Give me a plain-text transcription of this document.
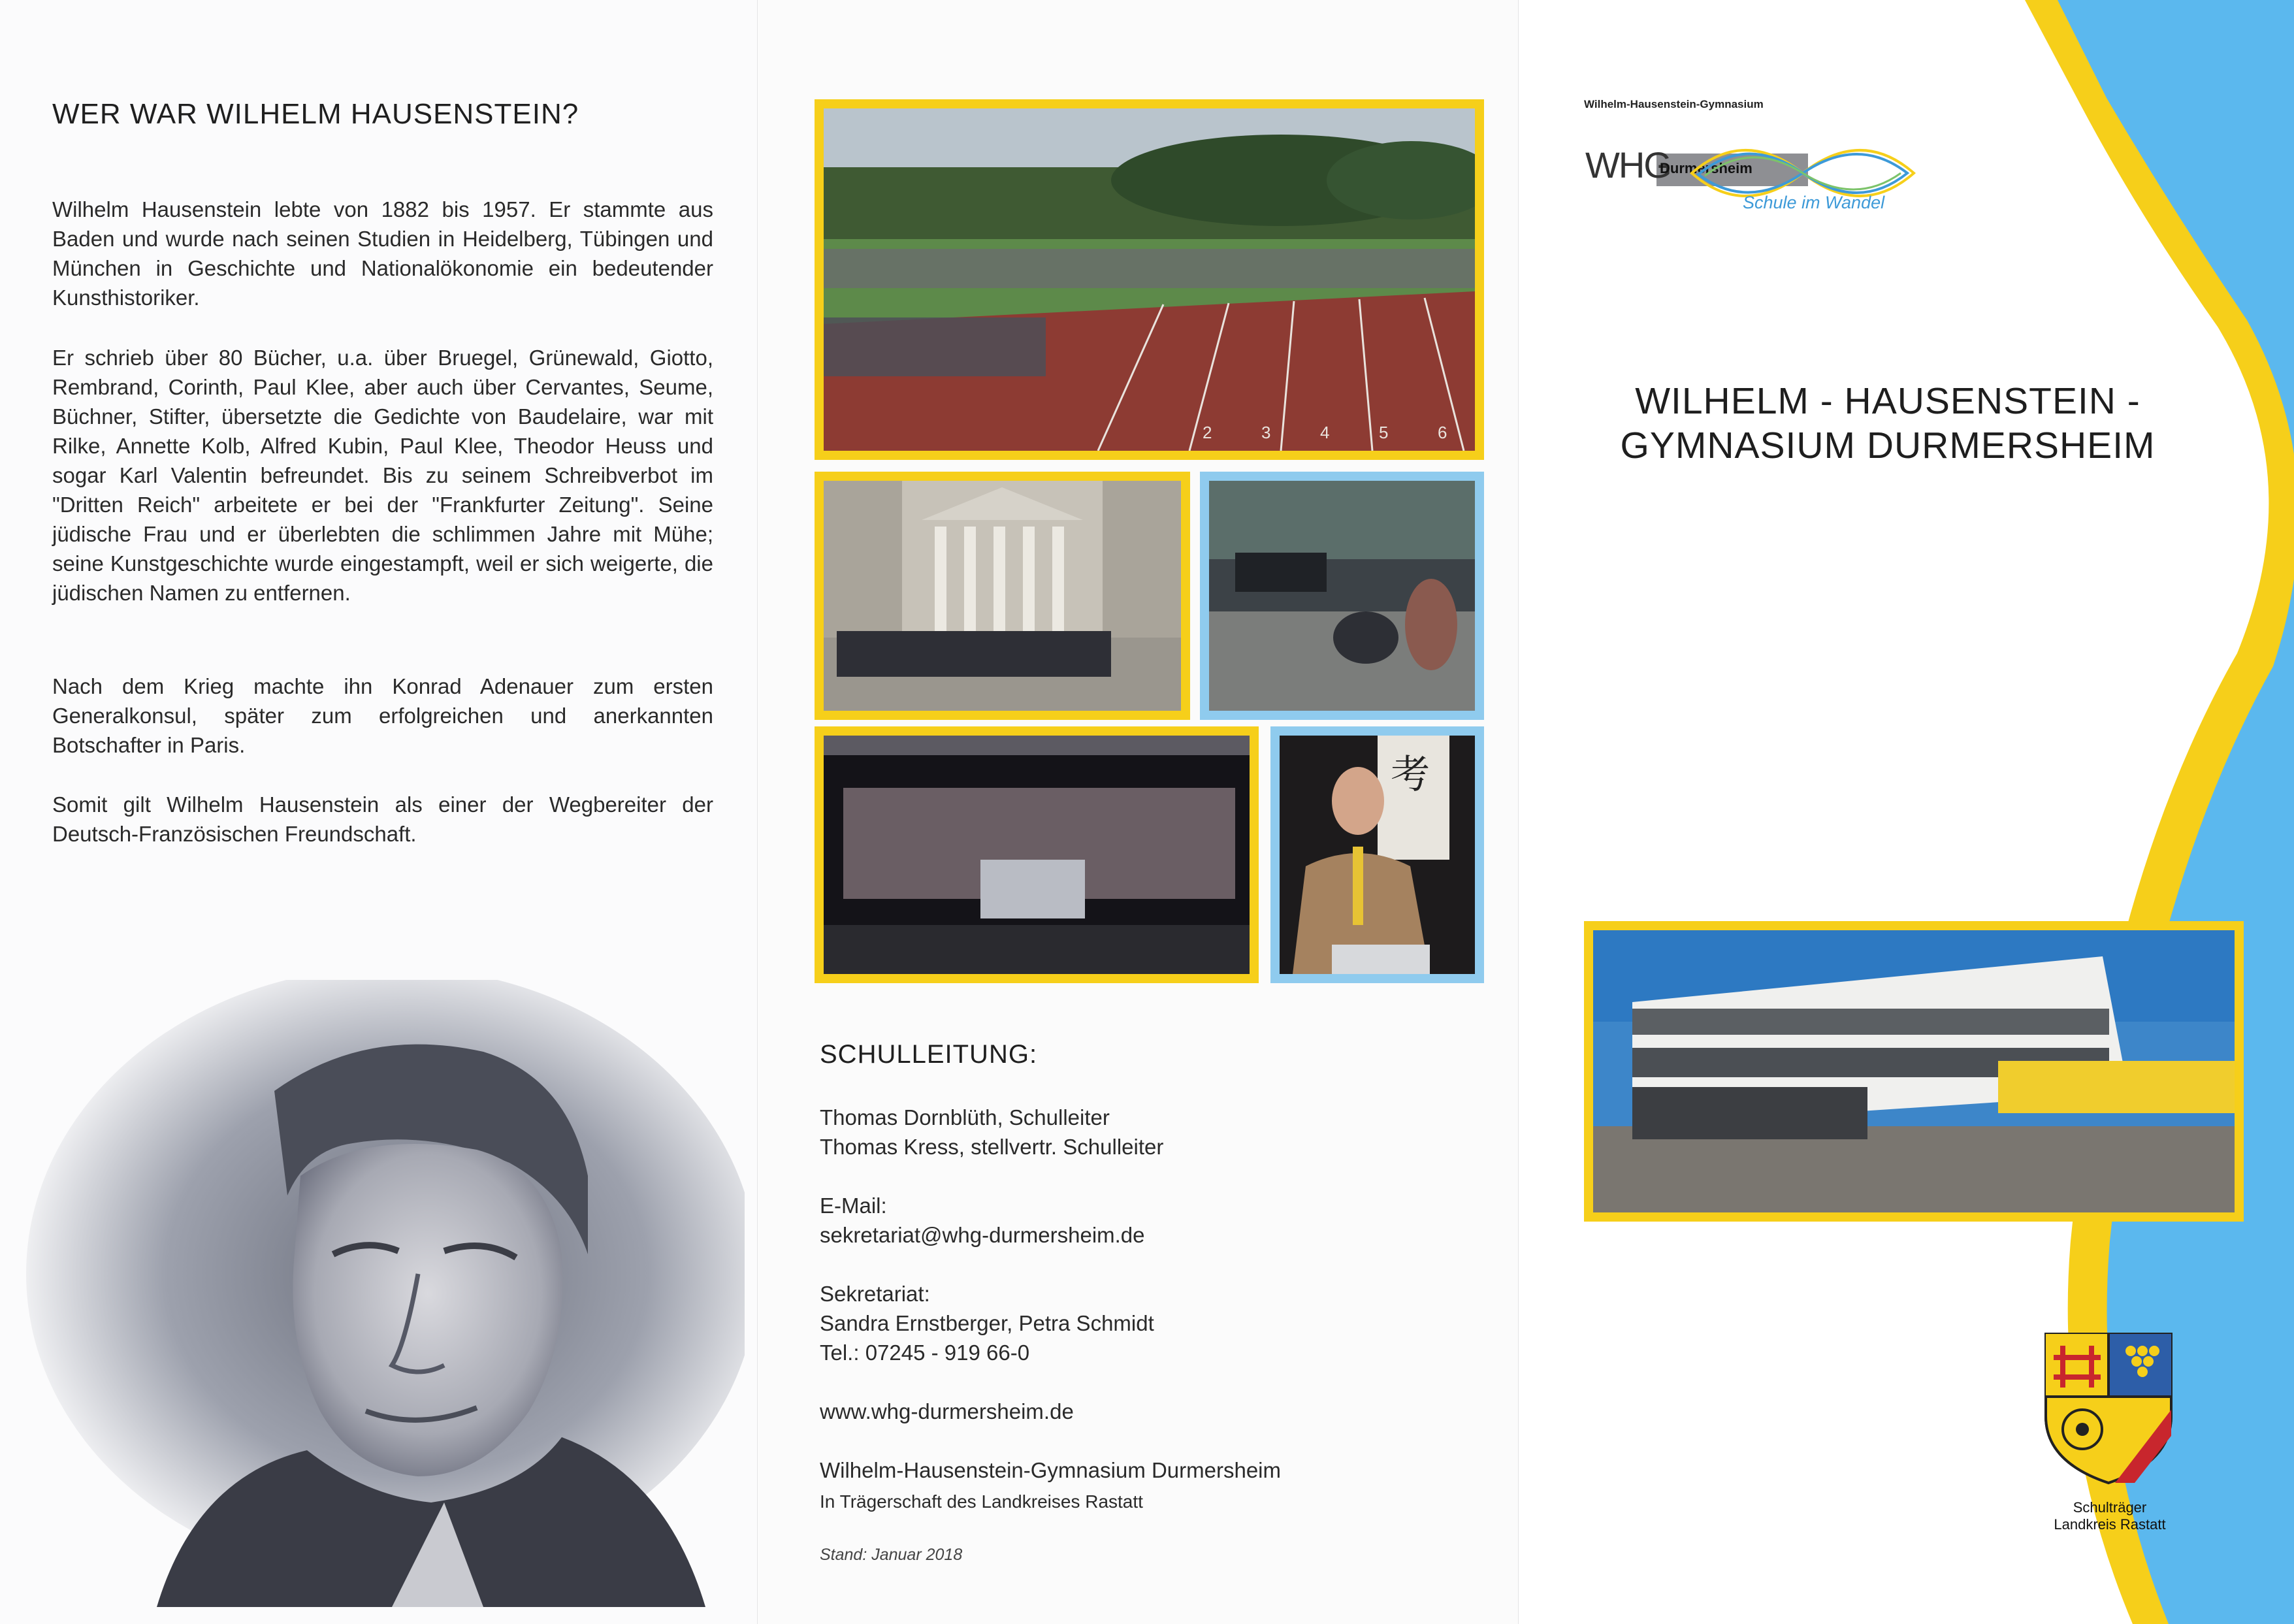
WER WAR WILHELM HAUSENSTEIN?

Wilhelm Hausenstein lebte von 1882 bis 1957. Er stammte aus Baden und wurde nach seinen Studien in Heidelberg, Tübingen und München in Geschichte und Nationalökonomie ein bedeutender Kunsthistoriker.

Er schrieb über 80 Bücher, u.a. über Bruegel, Grünewald, Giotto, Rembrand, Corinth, Paul Klee, aber auch über Cervantes, Seume, Büchner, Stifter, übersetzte die Gedichte von Baudelaire, war mit Rilke, Annette Kolb, Alfred Kubin, Paul Klee, Theodor Heuss und sogar Karl Valentin befreundet. Bis zu seinem Schreibverbot im "Dritten Reich" arbeitete er bei der "Frankfurter Zeitung". Seine jüdische Frau und er überlebten die schlimmen Jahre mit Mühe; seine Kunstgeschichte wurde eingestampft, weil er sich weigerte, die jüdischen Namen zu entfernen.

Nach dem Krieg machte ihn Konrad Adenauer zum ersten Generalkonsul, später zum erfolgreichen und anerkannten Botschafter in Paris.

Somit gilt Wilhelm Hausenstein als einer der Wegbereiter der Deutsch-Französischen Freundschaft.

2	3	4	5	6
考
SCHULLEITUNG:
Thomas Dornblüth, Schulleiter
Thomas Kress, stellvertr. Schulleiter
E-Mail:
sekretariat@whg-durmersheim.de
Sekretariat:
Sandra Ernstberger, Petra Schmidt
Tel.: 07245 - 919 66-0
www.whg-durmersheim.de
Wilhelm-Hausenstein-Gymnasium Durmersheim
In Trägerschaft des Landkreises Rastatt
Stand: Januar 2018
Wilhelm-Hausenstein-Gymnasium
WHG
Durmersheim
Schule im Wandel
WILHELM - HAUSENSTEIN -
GYMNASIUM DURMERSHEIM
Schulträger
Landkreis Rastatt
